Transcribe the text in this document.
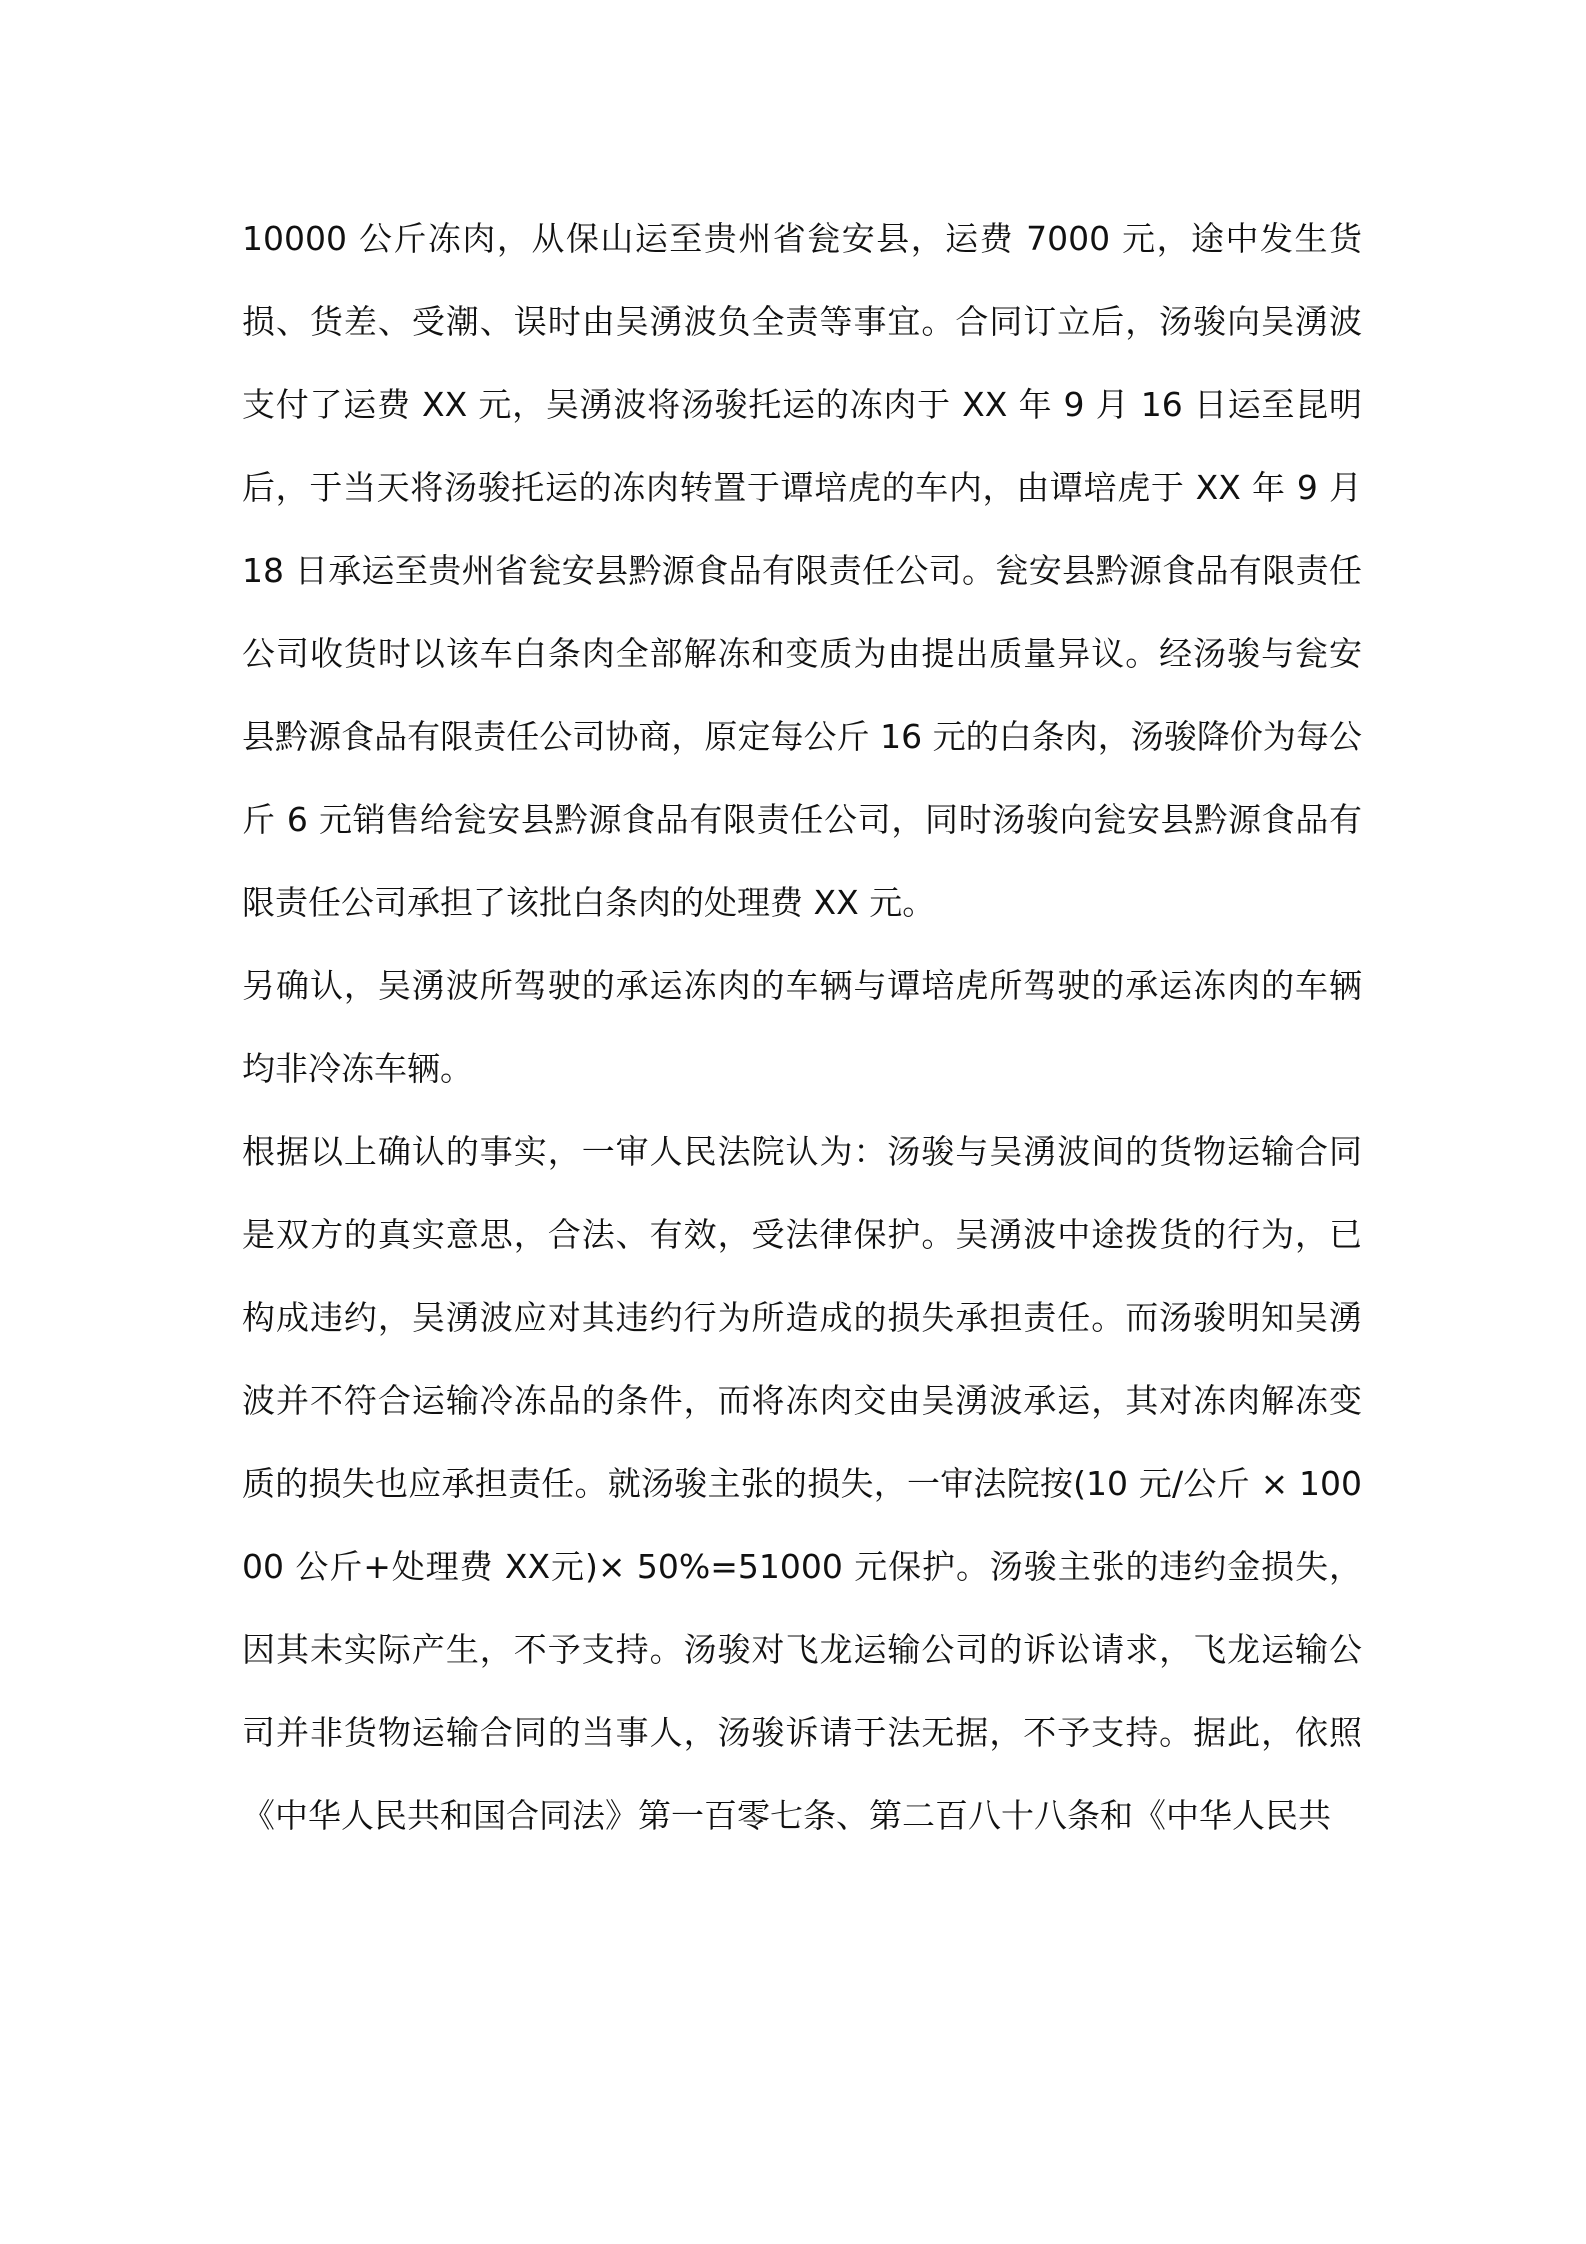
10000 公斤冻肉，从保山运至贵州省瓮安县，运费 7000 元，途中发生货损、货差、受潮、误时由吴湧波负全责等事宜。合同订立后，汤骏向吴湧波支付了运费 XX 元，吴湧波将汤骏托运的冻肉于 XX 年 9 月 16 日运至昆明后，于当天将汤骏托运的冻肉转置于谭培虎的车内，由谭培虎于 XX 年 9 月 18 日承运至贵州省瓮安县黔源食品有限责任公司。瓮安县黔源食品有限责任公司收货时以该车白条肉全部解冻和变质为由提出质量异议。经汤骏与瓮安县黔源食品有限责任公司协商，原定每公斤 16 元的白条肉，汤骏降价为每公斤 6 元销售给瓮安县黔源食品有限责任公司，同时汤骏向瓮安县黔源食品有限责任公司承担了该批白条肉的处理费 XX 元。

另确认，吴湧波所驾驶的承运冻肉的车辆与谭培虎所驾驶的承运冻肉的车辆均非冷冻车辆。

根据以上确认的事实，一审人民法院认为：汤骏与吴湧波间的货物运输合同是双方的真实意思，合法、有效，受法律保护。吴湧波中途拨货的行为，已构成违约，吴湧波应对其违约行为所造成的损失承担责任。而汤骏明知吴湧波并不符合运输冷冻品的条件，而将冻肉交由吴湧波承运，其对冻肉解冻变质的损失也应承担责任。就汤骏主张的损失，一审法院按(10 元/公斤 × 10000 公斤+处理费 XX元)× 50%=51000 元保护。汤骏主张的违约金损失，因其未实际产生，不予支持。汤骏对飞龙运输公司的诉讼请求，飞龙运输公司并非货物运输合同的当事人，汤骏诉请于法无据，不予支持。据此，依照《中华人民共和国合同法》第一百零七条、第二百八十八条和《中华人民共
